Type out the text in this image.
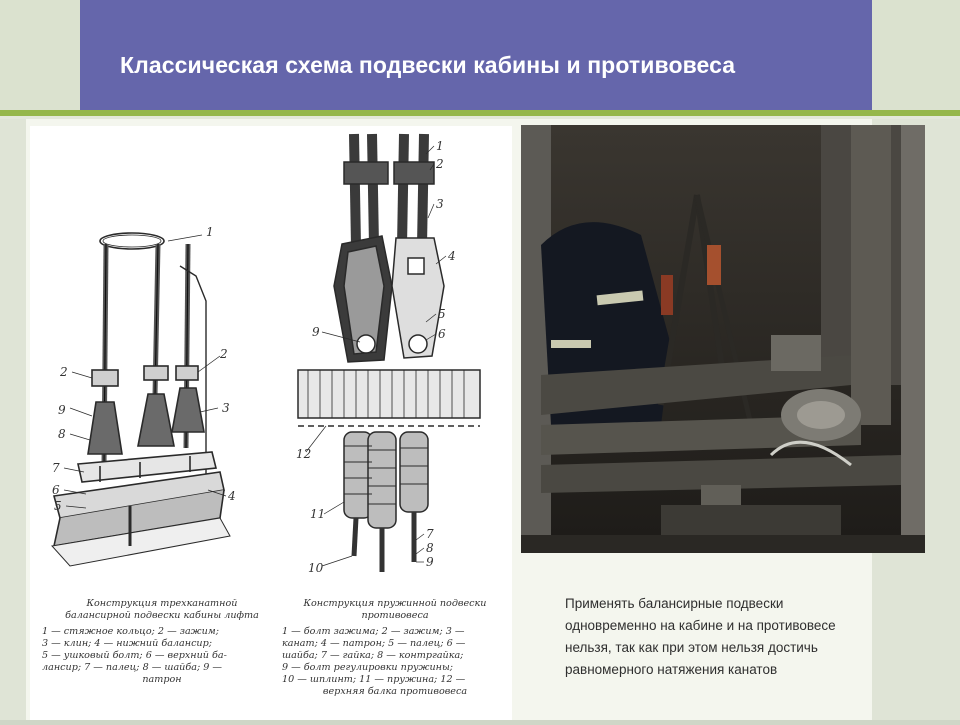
Классическая схема подвески кабины и противовеса
1
2
2
9	3
8
7
6
5
4
1
2
3
4
5
6
9
12
11
10
7
8
9
Конструкция трехканатной балансирной подвески кабины лифта
1 — стяжное кольцо; 2 — зажим;
3 — клин; 4 — нижний балансир;
5 — ушковый болт; 6 — верхний ба-
лансир; 7 — палец; 8 — шайба; 9 —
патрон
Конструкция пружинной подвески противовеса
1 — болт зажима; 2 — зажим; 3 —
канат; 4 — патрон; 5 — палец; 6 —
шайба; 7 — гайка; 8 — контргайка;
9 — болт регулировки пружины;
10 — шплинт; 11 — пружина; 12 —
верхняя балка противовеса

Применять балансирные подвески одновременно на кабине и на противовесе нельзя, так как при этом нельзя достичь равномерного натяжения канатов
